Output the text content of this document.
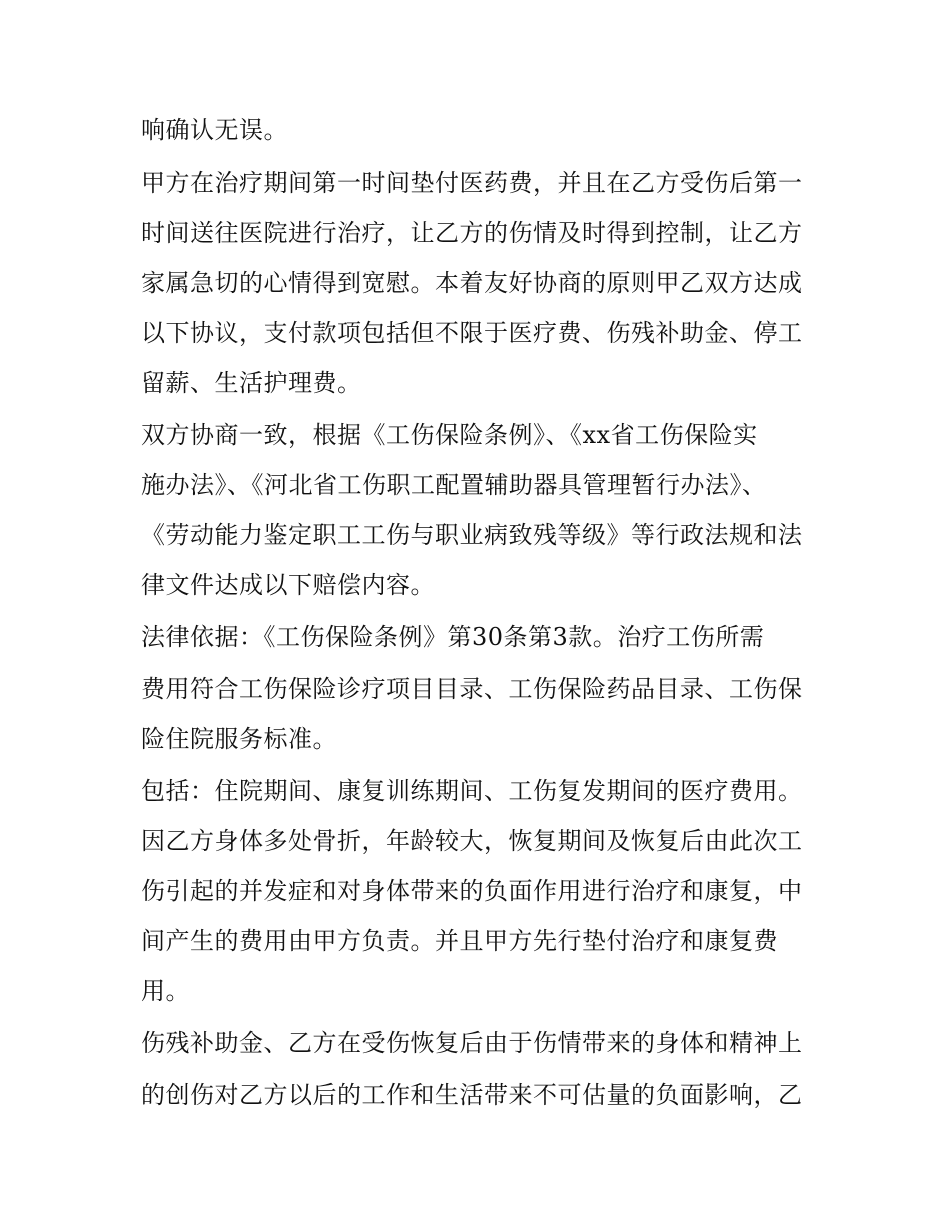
响确认无误。
甲方在治疗期间第一时间垫付医药费，并且在乙方受伤后第一
时间送往医院进行治疗，让乙方的伤情及时得到控制，让乙方
家属急切的心情得到宽慰。本着友好协商的原则甲乙双方达成
以下协议，支付款项包括但不限于医疗费、伤残补助金、停工
留薪、生活护理费。
双方协商一致，根据《工伤保险条例》、《xx省工伤保险实
施办法》、《河北省工伤职工配置辅助器具管理暂行办法》、
《劳动能力鉴定职工工伤与职业病致残等级》等行政法规和法
律文件达成以下赔偿内容。
法律依据：《工伤保险条例》第30条第3款。治疗工伤所需
费用符合工伤保险诊疗项目目录、工伤保险药品目录、工伤保
险住院服务标准。
包括：住院期间、康复训练期间、工伤复发期间的医疗费用。
因乙方身体多处骨折，年龄较大，恢复期间及恢复后由此次工
伤引起的并发症和对身体带来的负面作用进行治疗和康复，中
间产生的费用由甲方负责。并且甲方先行垫付治疗和康复费
用。
伤残补助金、乙方在受伤恢复后由于伤情带来的身体和精神上
的创伤对乙方以后的工作和生活带来不可估量的负面影响，乙
